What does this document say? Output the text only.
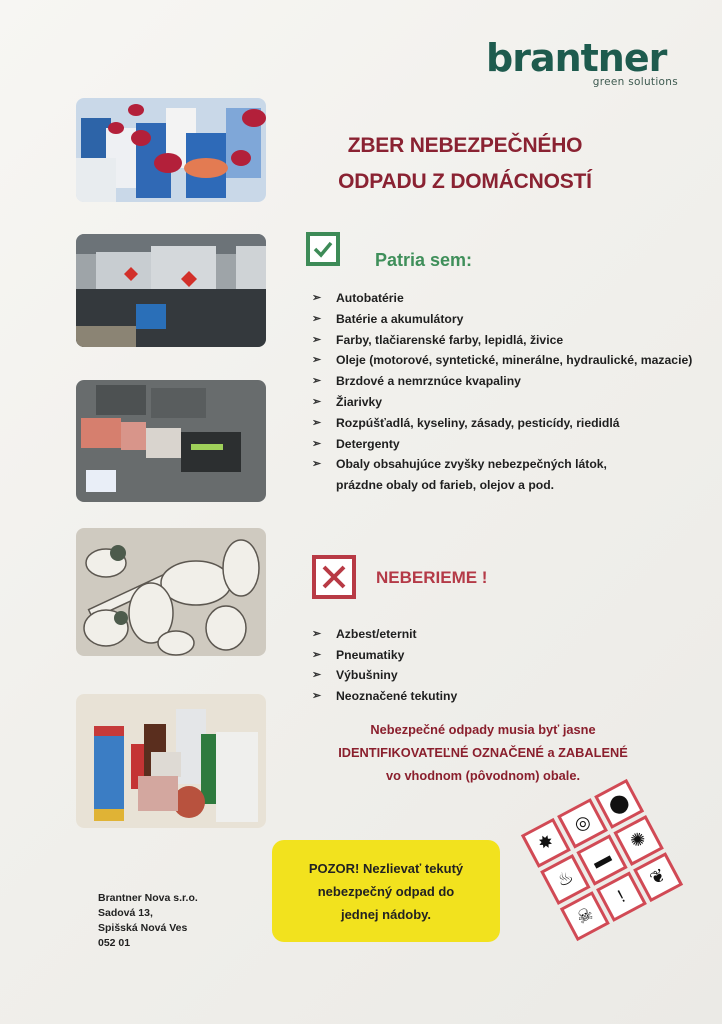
brantner
green solutions
ZBER NEBEZPEČNÉHO
ODPADU Z DOMÁCNOSTÍ
Patria sem:
➢ Autobatérie
➢ Batérie a akumulátory
➢ Farby, tlačiarenské farby, lepidlá, živice
➢ Oleje (motorové, syntetické, minerálne, hydraulické, mazacie)
➢ Brzdové a nemrznúce kvapaliny
➢ Žiarivky
➢ Rozpúšťadlá, kyseliny, zásady, pesticídy, riedidlá
➢ Detergenty
➢ Obaly obsahujúce zvyšky nebezpečných látok, prázdne obaly od farieb, olejov a pod.
NEBERIEME !
➢ Azbest/eternit
➢ Pneumatiky
➢ Výbušniny
➢ Neoznačené tekutiny
Nebezpečné odpady musia byť jasne
IDENTIFIKOVATEĽNÉ OZNAČENÉ a ZABALENÉ
vo vhodnom (pôvodnom) obale.
✸
◎
⬤
♨
▬
✺
☠
!
❦
POZOR! Nezlievať tekutý
nebezpečný odpad do
jednej nádoby.
Brantner Nova s.r.o.
Sadová 13,
Spišská Nová Ves
052 01
